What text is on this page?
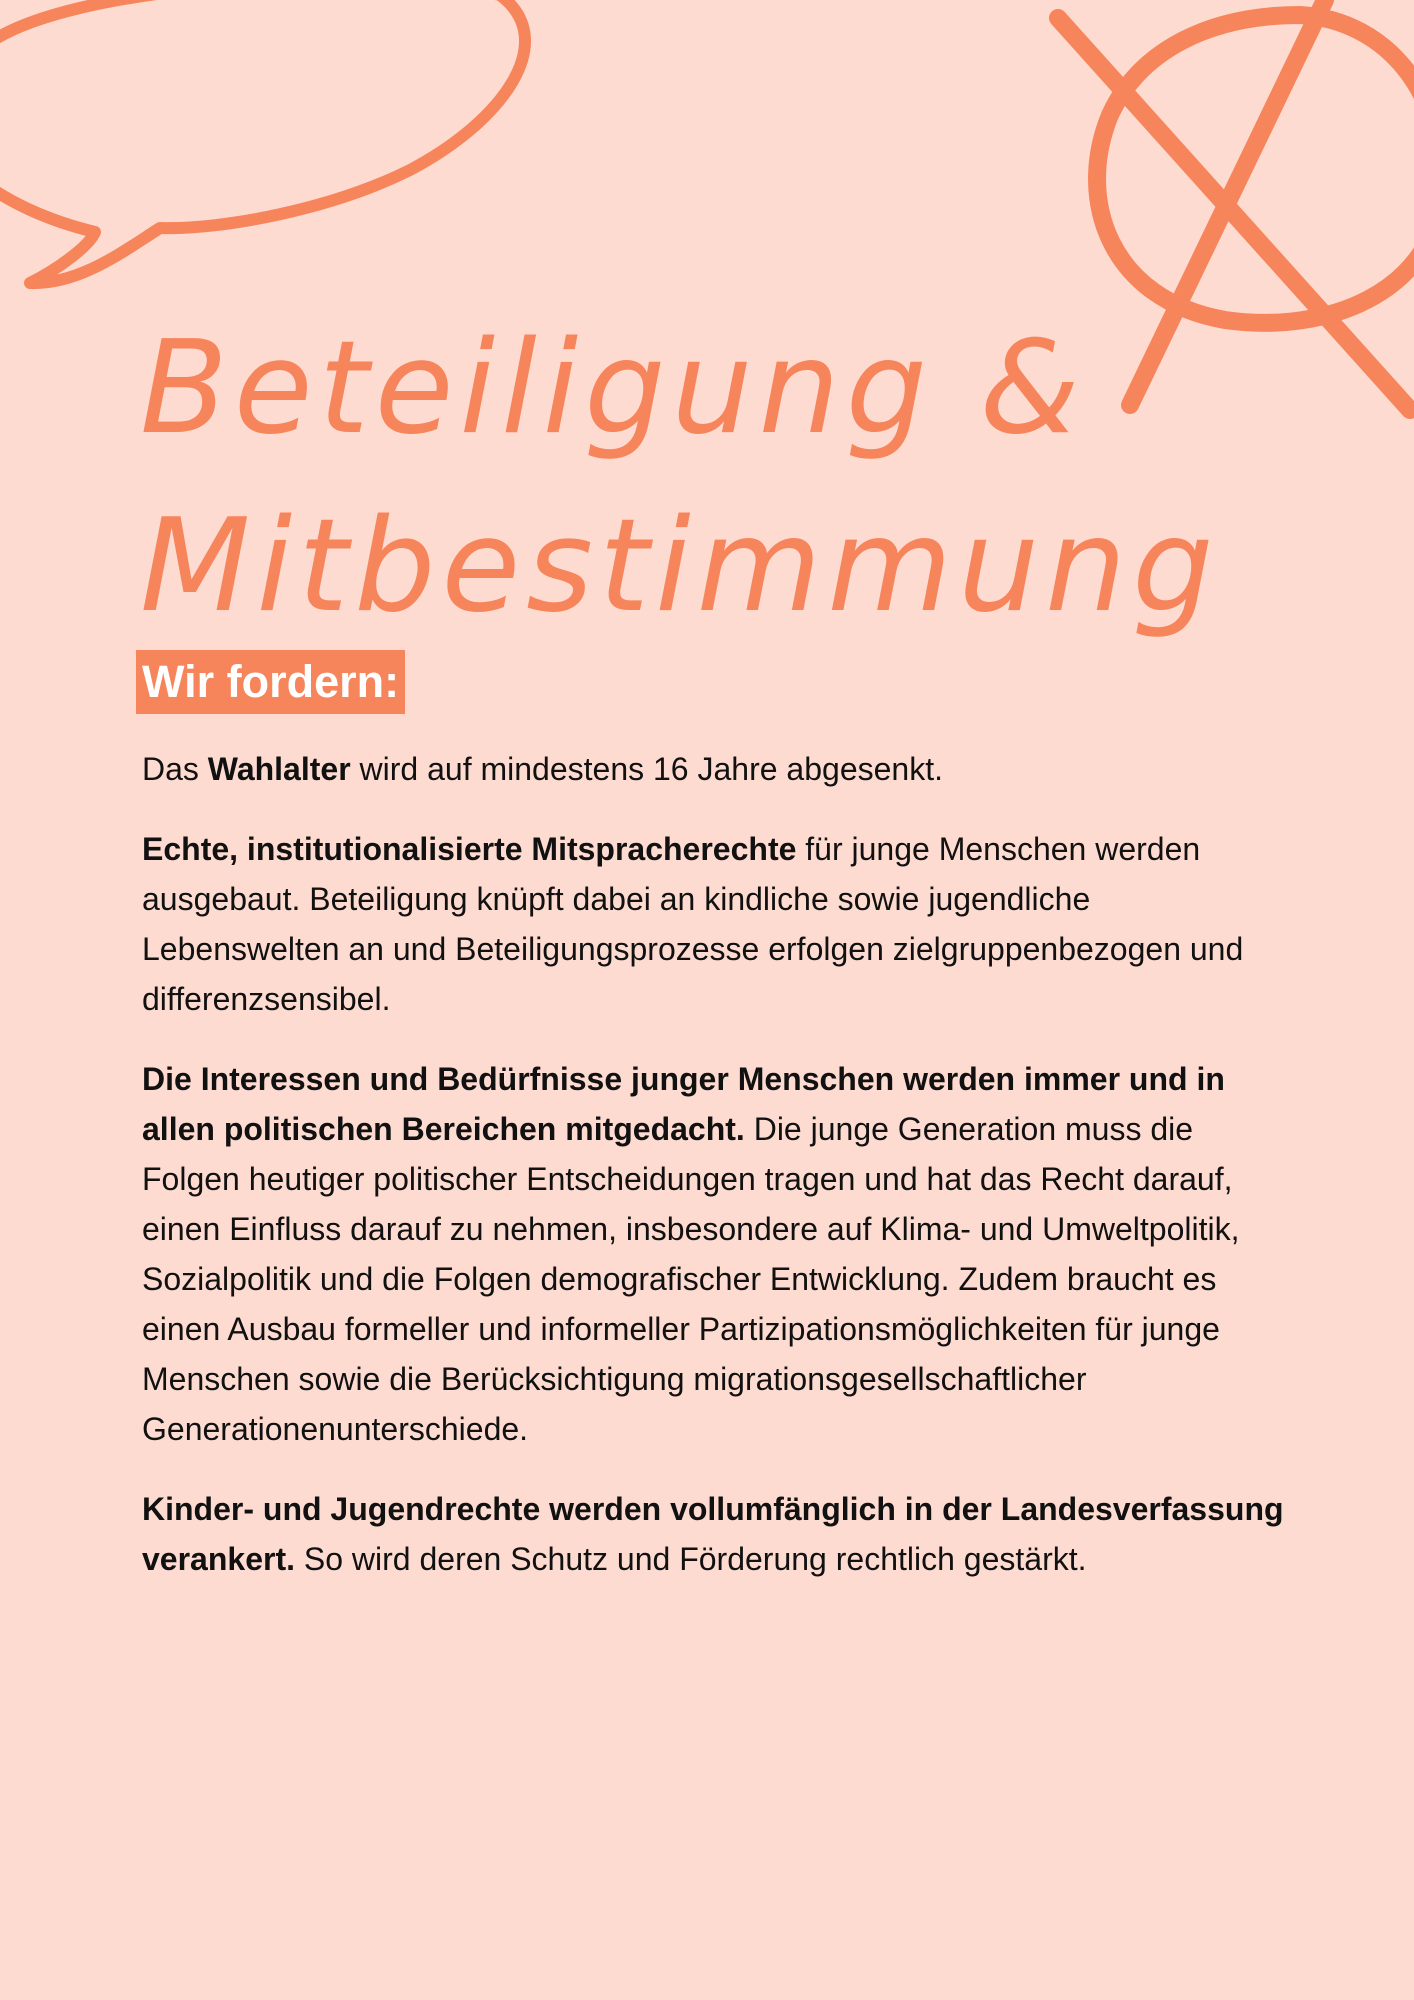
Beteiligung &
Mitbestimmung
Wir fordern:

Das Wahlalter wird auf mindestens 16 Jahre abgesenkt.

Echte, institutionalisierte Mitspracherechte für junge Menschen werden ausgebaut. Beteiligung knüpft dabei an kindliche sowie jugendliche Lebenswelten an und Beteiligungsprozesse erfolgen zielgruppenbezogen und differenzsensibel.

Die Interessen und Bedürfnisse junger Menschen werden immer und in allen politischen Bereichen mitgedacht. Die junge Generation muss die Folgen heutiger politischer Entscheidungen tragen und hat das Recht darauf, einen Einfluss darauf zu nehmen, insbesondere auf Klima- und Umweltpolitik, Sozialpolitik und die Folgen demografischer Entwicklung. Zudem braucht es einen Ausbau formeller und informeller Partizipationsmöglichkeiten für junge Menschen sowie die Berücksichtigung migrationsgesellschaftlicher Generationenunterschiede.

Kinder- und Jugendrechte werden vollumfänglich in der Landesverfassung verankert. So wird deren Schutz und Förderung rechtlich gestärkt.
